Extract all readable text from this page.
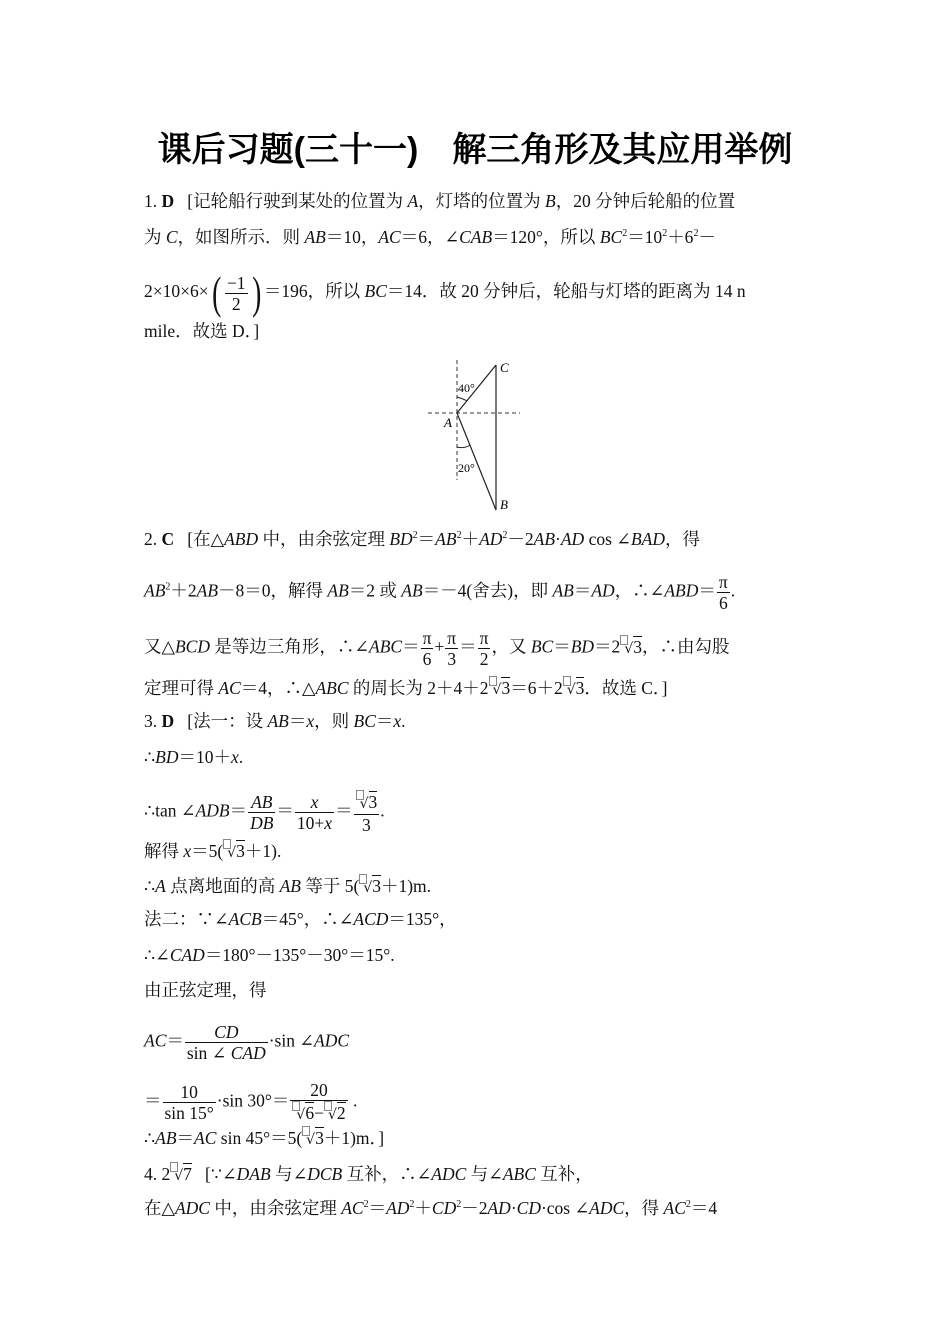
课后习题(三十一)　解三角形及其应用举例
1. D   [记轮船行驶到某处的位置为 A，灯塔的位置为 B，20 分钟后轮船的位置
为 C，如图所示．则 AB＝10，AC＝6，∠CAB＝120°，所以 $BC^2=10^2+6^2-$
$2\times 10\times 6\times( \frac{-1}{2}$ ) ＝196，所以 BC＝14．故 20 分钟后，轮船与灯塔的距离为 14 n
mile．故选 D．]
40°
20°
C
A
B
2. C   [在△ABD 中，由余弦定理 $BD^2=AB^2+AD^2-2AB\cdot AD$ cos ∠BAD，得
$AB^2+2AB-8=0$，解得 AB＝2 或 AB＝－4(舍去)，即 AB＝AD，∴∠ABD＝ $\frac{\pi}{6}$ .
又△BCD 是等边三角形，∴∠ABC＝ $\frac{\pi}{6} + \frac{\pi}{3} = \frac{\pi}{2}$ ，又 BC＝BD＝2 √3，∴由勾股
定理可得 AC＝4，∴△ABC 的周长为 2＋4＋2 √3＝6＋2 √3．故选 C．]
3. D   [法一：设 AB＝x，则 BC＝x.
∴BD＝10＋x.
∴tan ∠ADB＝ $\frac{AB}{DB} = \frac{x}{10+x} = \frac{√3}{3}$ .
解得 x＝5( √3＋1).
∴A 点离地面的高 AB 等于 5( √3＋1)m.
法二：∵∠ACB＝45°，∴∠ACD＝135°，
∴∠CAD＝180°－135°－30°＝15°.
由正弦定理，得
$AC= \frac{CD}{\text{sin ∠ CAD}} \cdot\sin$ ∠ADC
＝ $\frac{10}{\sin 15^\circ} \cdot\sin$ $30^\circ= \frac{20}{√6- √2}$ .
∴AB＝AC sin 45°＝5( √3＋1)m．]
4. 2 √7   [∵∠DAB 与∠DCB 互补，∴∠ADC 与∠ABC 互补，
在△ADC 中，由余弦定理 $AC^2=AD^2+CD^2-2AD\cdot CD\cdot\cos$ ∠ADC，得 $AC^2=4$
